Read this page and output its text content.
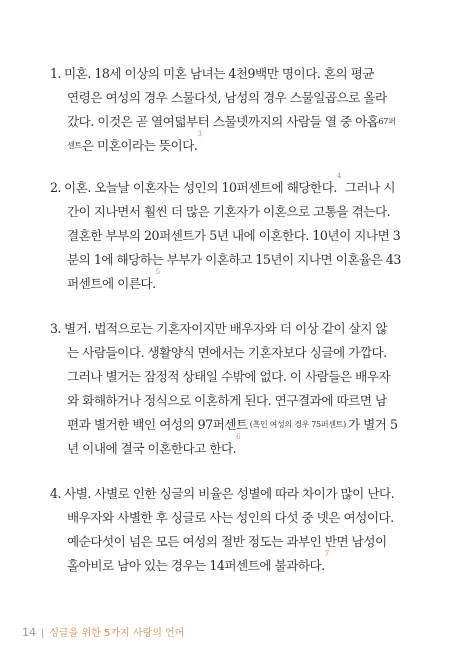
1. 미혼. 18세 이상의 미혼 남녀는 4천9백만 명이다. 혼의 평균
연령은 여성의 경우 스물다섯, 남성의 경우 스물일곱으로 올라
갔다. 이것은 곧 열여덟부터 스물넷까지의 사람들 열 중 아홉 67퍼
센트 은 미혼이라는 뜻이다.
3
2. 이혼. 오늘날 이혼자는 성인의 10퍼센트에 해당한다.
4
그러나 시
간이 지나면서 훨씬 더 많은 기혼자가 이혼으로 고통을 겪는다.
결혼한 부부의 20퍼센트가 5년 내에 이혼한다. 10년이 지나면 3
분의 1에 해당하는 부부가 이혼하고 15년이 지나면 이혼율은 43
퍼센트에 이른다.
5
3. 별거. 법적으로는 기혼자이지만 배우자와 더 이상 같이 살지 않
는 사람들이다. 생활양식 면에서는 기혼자보다 싱글에 가깝다.
그러나 별거는 잠정적 상태일 수밖에 없다. 이 사람들은 배우자
와 화해하거나 정식으로 이혼하게 된다. 연구결과에 따르면 남
편과 별거한 백인 여성의 97퍼센트 (흑인 여성의 경우 75퍼센트) 가 별거 5
년 이내에 결국 이혼한다고 한다.
6
4. 사별. 사별로 인한 싱글의 비율은 성별에 따라 차이가 많이 난다.
배우자와 사별한 후 싱글로 사는 성인의 다섯 중 넷은 여성이다.
예순다섯이 넘은 모든 여성의 절반 정도는 과부인 반면 남성이
홀아비로 남아 있는 경우는 14퍼센트에 불과하다.
7
14 | 싱글을 위한 5가지 사랑의 언어
